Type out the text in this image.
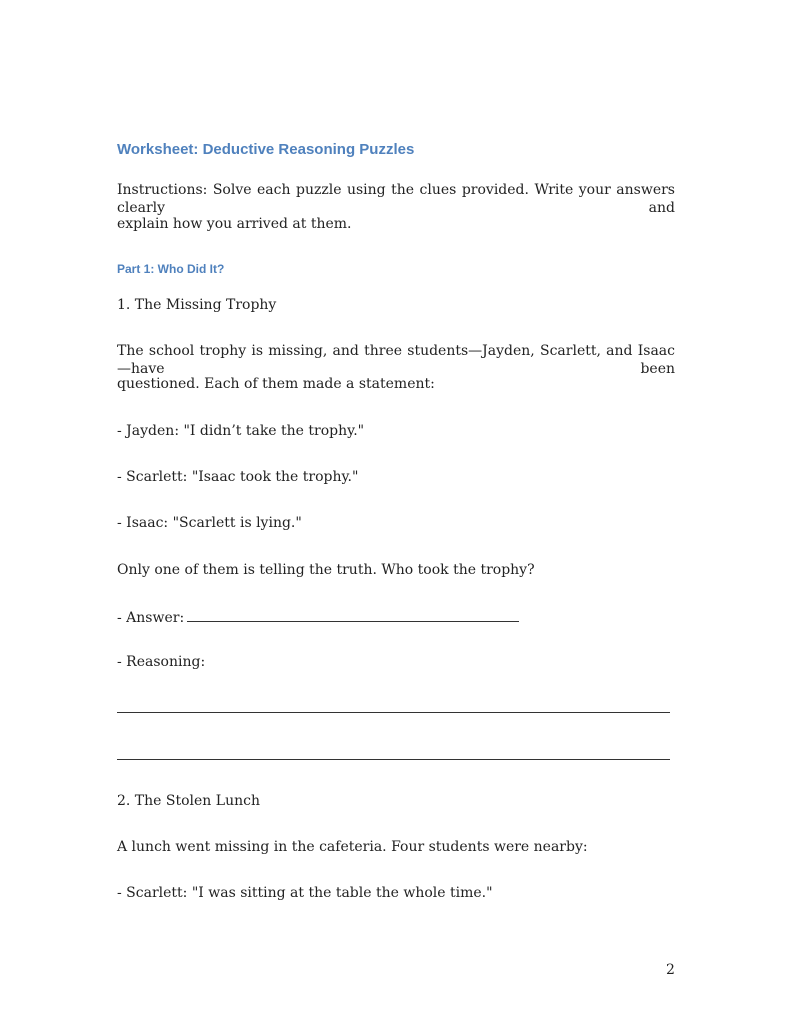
Worksheet: Deductive Reasoning Puzzles
Instructions: Solve each puzzle using the clues provided. Write your answers clearly and
explain how you arrived at them.
Part 1: Who Did It?
1. The Missing Trophy
The school trophy is missing, and three students—Jayden, Scarlett, and Isaac—have been
questioned. Each of them made a statement:
- Jayden: "I didn’t take the trophy."
- Scarlett: "Isaac took the trophy."
- Isaac: "Scarlett is lying."
Only one of them is telling the truth. Who took the trophy?
- Answer:
- Reasoning:
2. The Stolen Lunch
A lunch went missing in the cafeteria. Four students were nearby:
- Scarlett: "I was sitting at the table the whole time."
2
